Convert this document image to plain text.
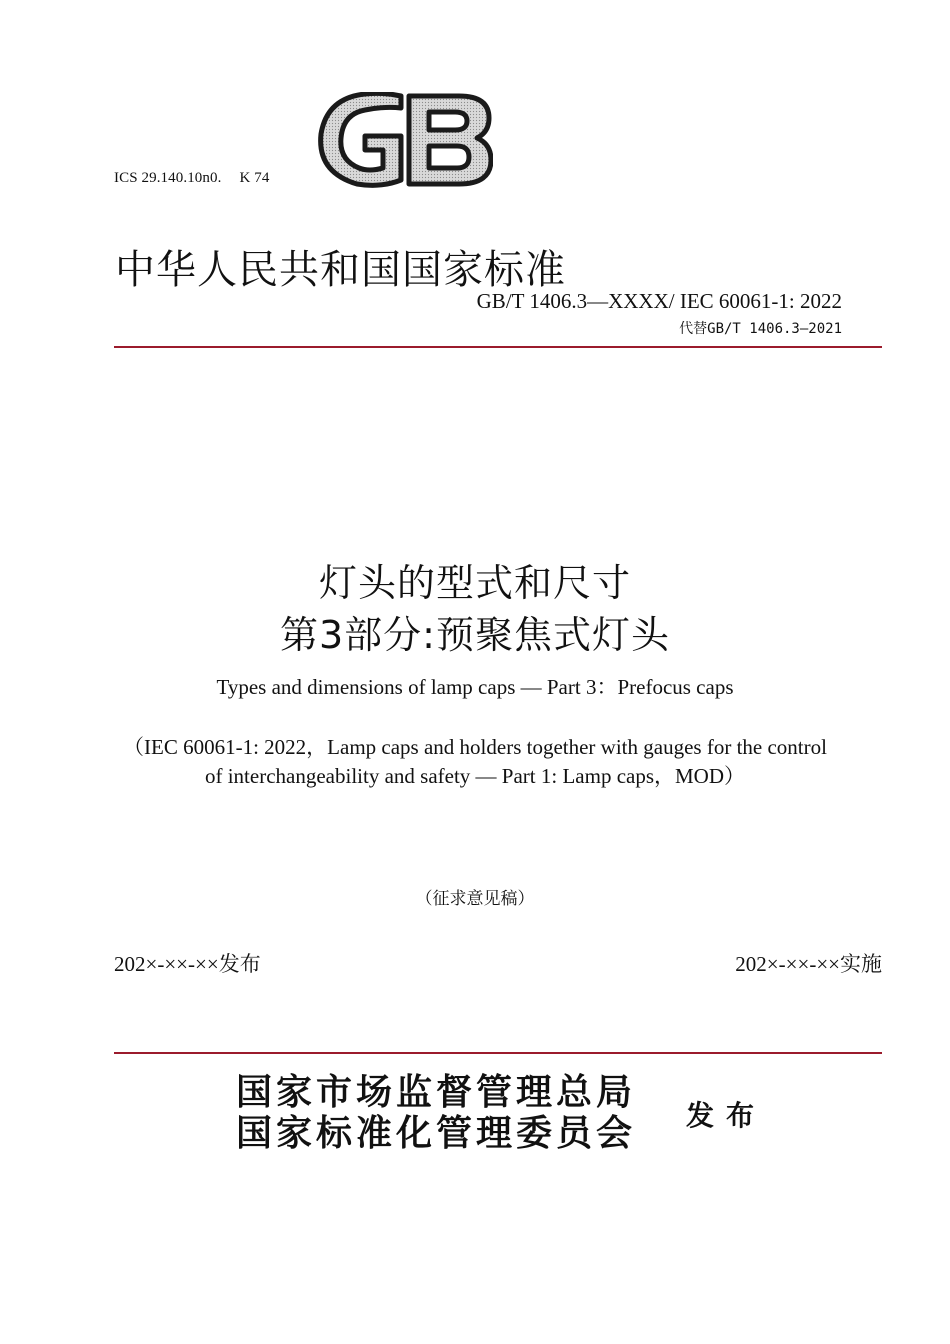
ICS 29.140.10n0. K 74
中华人民共和国国家标准
GB/T 1406.3—XXXX/ IEC 60061-1: 2022
代替GB/T 1406.3—2021
灯头的型式和尺寸
第3部分:预聚焦式灯头
Types and dimensions of lamp caps — Part 3：Prefocus caps
（IEC 60061-1: 2022，Lamp caps and holders together with gauges for the control
of interchangeability and safety — Part 1: Lamp caps，MOD）
（征求意见稿）
202×-××-××发布	202×-××-××实施
国家市场监督管理总局
国家标准化管理委员会 发布
